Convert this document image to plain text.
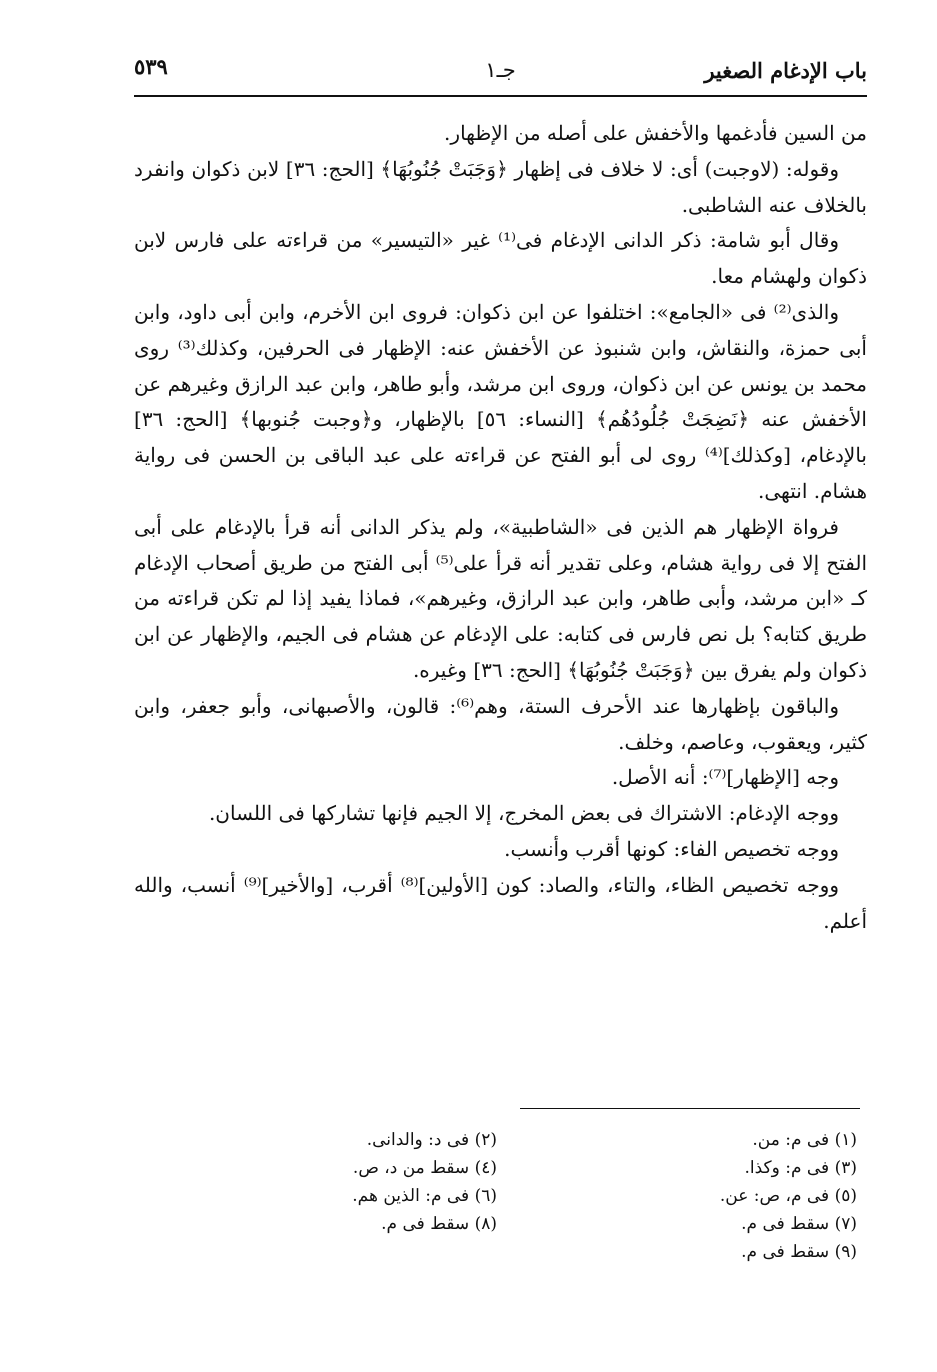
باب الإدغام الصغير
جـ١
٥٣٩

من السين فأدغمها والأخفش على أصله من الإظهار.

وقوله: (لاوجبت) أى: لا خلاف فى إظهار ﴿وَجَبَتْ جُنُوبُهَا﴾ [الحج: ٣٦] لابن ذكوان وانفرد بالخلاف عنه الشاطبى.

وقال أبو شامة: ذكر الدانى الإدغام فى⁽¹⁾ غير «التيسير» من قراءته على فارس لابن ذكوان ولهشام معا.

والذى⁽²⁾ فى «الجامع»: اختلفوا عن ابن ذكوان: فروى ابن الأخرم، وابن أبى داود، وابن أبى حمزة، والنقاش، وابن شنبوذ عن الأخفش عنه: الإظهار فى الحرفين، وكذلك⁽³⁾ روى محمد بن يونس عن ابن ذكوان، وروى ابن مرشد، وأبو طاهر، وابن عبد الرازق وغيرهم عن الأخفش عنه ﴿نَضِجَتْ جُلُودُهُم﴾ [النساء: ٥٦] بالإظهار، و﴿وجبت جُنوبها﴾ [الحج: ٣٦] بالإدغام، [وكذلك]⁽⁴⁾ روى لى أبو الفتح عن قراءته على عبد الباقى بن الحسن فى رواية هشام. انتهى.

فرواة الإظهار هم الذين فى «الشاطبية»، ولم يذكر الدانى أنه قرأ بالإدغام على أبى الفتح إلا فى رواية هشام، وعلى تقدير أنه قرأ على⁽⁵⁾ أبى الفتح من طريق أصحاب الإدغام كـ «ابن مرشد، وأبى طاهر، وابن عبد الرازق، وغيرهم»، فماذا يفيد إذا لم تكن قراءته من طريق كتابه؟ بل نص فارس فى كتابه: على الإدغام عن هشام فى الجيم، والإظهار عن ابن ذكوان ولم يفرق بين ﴿وَجَبَتْ جُنُوبُهَا﴾ [الحج: ٣٦] وغيره.

والباقون بإظهارها عند الأحرف الستة، وهم⁽⁶⁾: قالون، والأصبهانى، وأبو جعفر، وابن كثير، ويعقوب، وعاصم، وخلف.

وجه [الإظهار]⁽⁷⁾: أنه الأصل.

ووجه الإدغام: الاشتراك فى بعض المخرج، إلا الجيم فإنها تشاركها فى اللسان.

ووجه تخصيص الفاء: كونها أقرب وأنسب.

ووجه تخصيص الظاء، والتاء، والصاد: كون [الأولين]⁽⁸⁾ أقرب، [والأخير]⁽⁹⁾ أنسب، والله أعلم.

(١) فى م: من.
(٣) فى م: وكذا.
(٥) فى م، ص: عن.
(٧) سقط فى م.
(٩) سقط فى م.
(٢) فى د: والدانى.
(٤) سقط من د، ص.
(٦) فى م: الذين هم.
(٨) سقط فى م.
